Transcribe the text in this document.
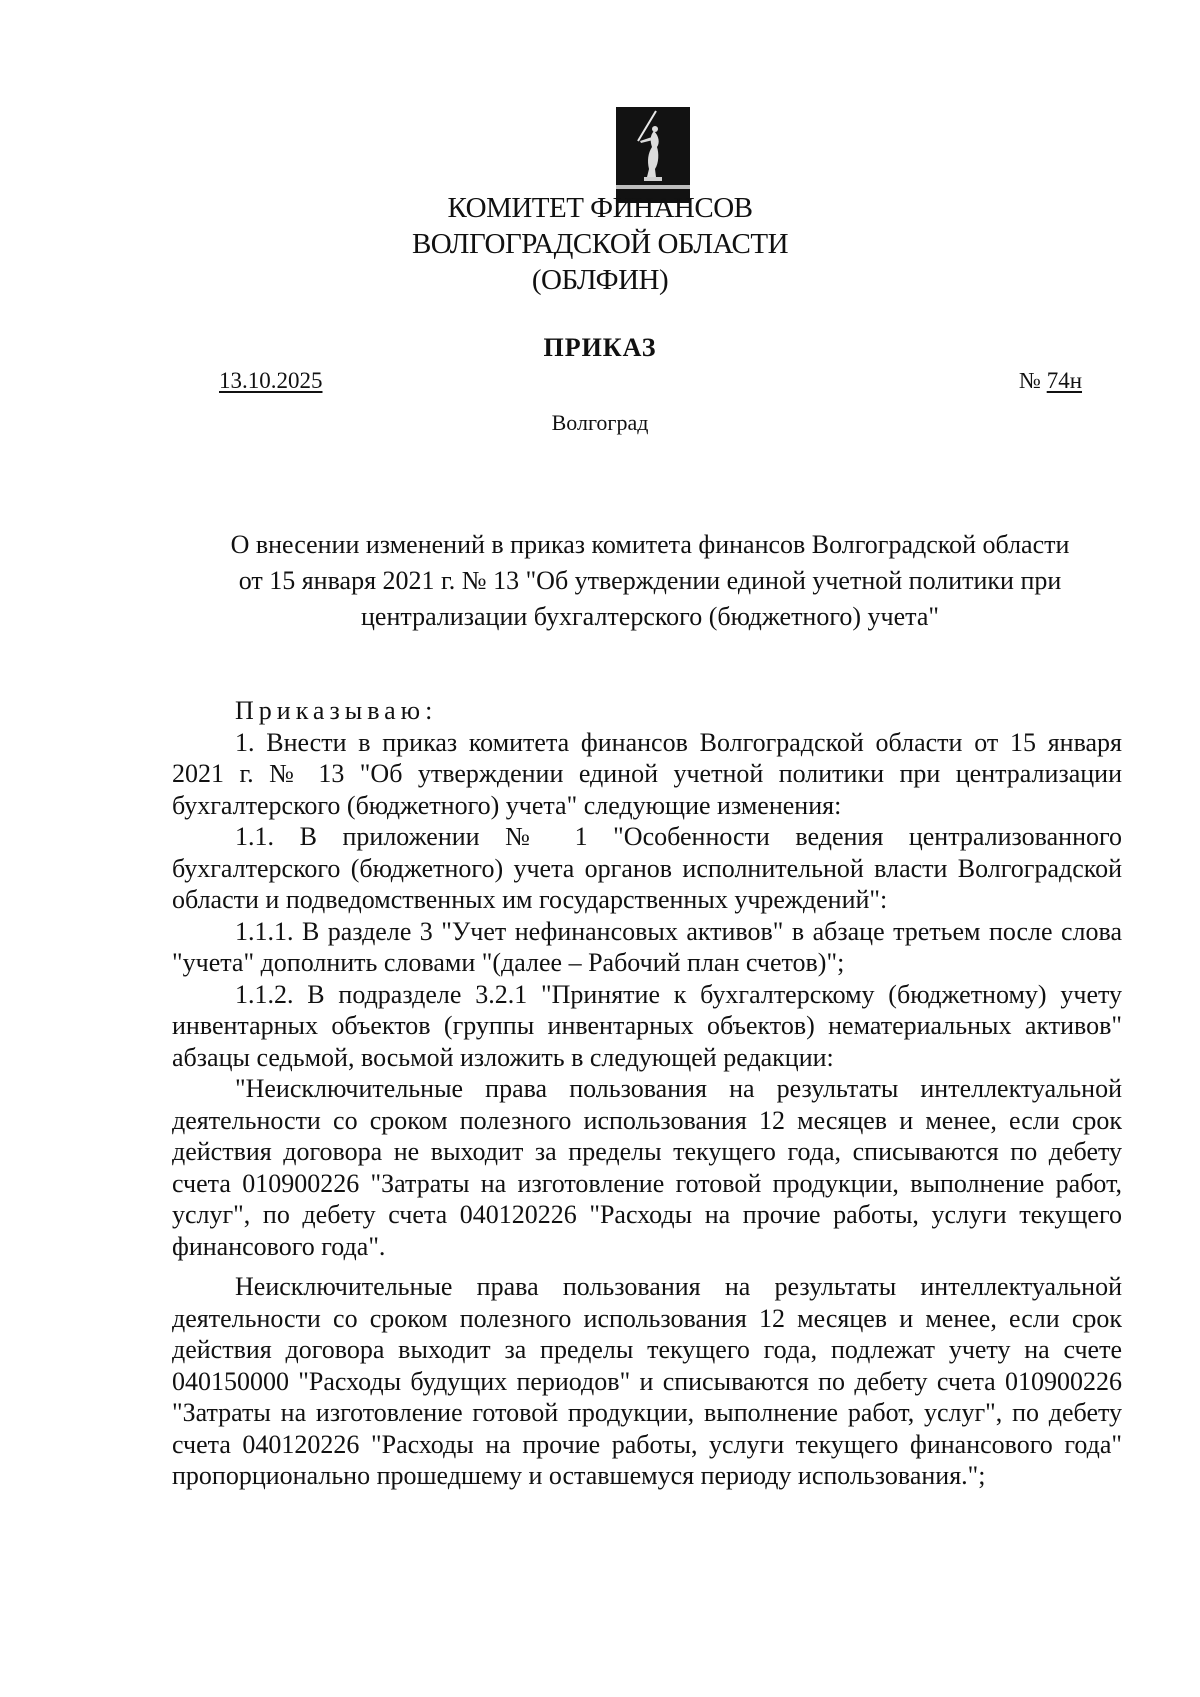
КОМИТЕТ ФИНАНСОВ
ВОЛГОГРАДСКОЙ ОБЛАСТИ
(ОБЛФИН)
ПРИКАЗ
13.10.2025	№ 74н
Волгоград
О внесении изменений в приказ комитета финансов Волгоградской области
от 15 января 2021 г. № 13 "Об утверждении единой учетной политики при
централизации бухгалтерского (бюджетного) учета"

Приказываю:

1. Внести в приказ комитета финансов Волгоградской области от 15 января 2021 г. № 13 "Об утверждении единой учетной политики при централизации бухгалтерского (бюджетного) учета" следующие изменения:

1.1. В приложении № 1 "Особенности ведения централизованного бухгалтерского (бюджетного) учета органов исполнительной власти Волгоградской области и подведомственных им государственных учреждений":

1.1.1. В разделе 3 "Учет нефинансовых активов" в абзаце третьем после слова "учета" дополнить словами "(далее – Рабочий план счетов)";

1.1.2. В подразделе 3.2.1 "Принятие к бухгалтерскому (бюджетному) учету инвентарных объектов (группы инвентарных объектов) нематериальных активов" абзацы седьмой, восьмой изложить в следующей редакции:

"Неисключительные права пользования на результаты интеллектуальной деятельности со сроком полезного использования 12 месяцев и менее, если срок действия договора не выходит за пределы текущего года, списываются по дебету счета 010900226 "Затраты на изготовление готовой продукции, выполнение работ, услуг", по дебету счета 040120226 "Расходы на прочие работы, услуги текущего финансового года".

Неисключительные права пользования на результаты интеллектуальной деятельности со сроком полезного использования 12 месяцев и менее, если срок действия договора выходит за пределы текущего года, подлежат учету на счете 040150000 "Расходы будущих периодов" и списываются по дебету счета 010900226 "Затраты на изготовление готовой продукции, выполнение работ, услуг", по дебету счета 040120226 "Расходы на прочие работы, услуги текущего финансового года" пропорционально прошедшему и оставшемуся периоду использования.";
